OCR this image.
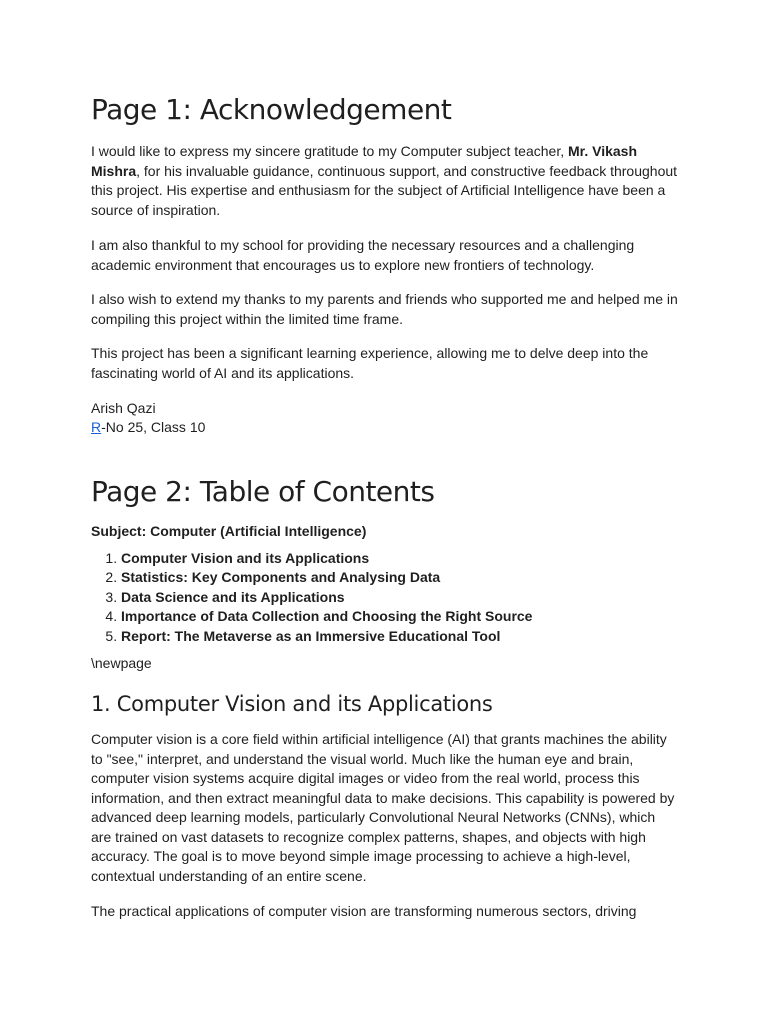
Page 1: Acknowledgement

I would like to express my sincere gratitude to my Computer subject teacher, Mr. Vikash Mishra, for his invaluable guidance, continuous support, and constructive feedback throughout this project. His expertise and enthusiasm for the subject of Artificial Intelligence have been a source of inspiration.

I am also thankful to my school for providing the necessary resources and a challenging academic environment that encourages us to explore new frontiers of technology.

I also wish to extend my thanks to my parents and friends who supported me and helped me in compiling this project within the limited time frame.

This project has been a significant learning experience, allowing me to delve deep into the fascinating world of AI and its applications.

Arish Qazi

R-No 25, Class 10

Page 2: Table of Contents

Subject: Computer (Artificial Intelligence)

1. Computer Vision and its Applications
2. Statistics: Key Components and Analysing Data
3. Data Science and its Applications
4. Importance of Data Collection and Choosing the Right Source
5. Report: The Metaverse as an Immersive Educational Tool

\newpage

1. Computer Vision and its Applications

Computer vision is a core field within artificial intelligence (AI) that grants machines the ability to "see," interpret, and understand the visual world. Much like the human eye and brain, computer vision systems acquire digital images or video from the real world, process this information, and then extract meaningful data to make decisions. This capability is powered by advanced deep learning models, particularly Convolutional Neural Networks (CNNs), which are trained on vast datasets to recognize complex patterns, shapes, and objects with high accuracy. The goal is to move beyond simple image processing to achieve a high-level, contextual understanding of an entire scene.

The practical applications of computer vision are transforming numerous sectors, driving
